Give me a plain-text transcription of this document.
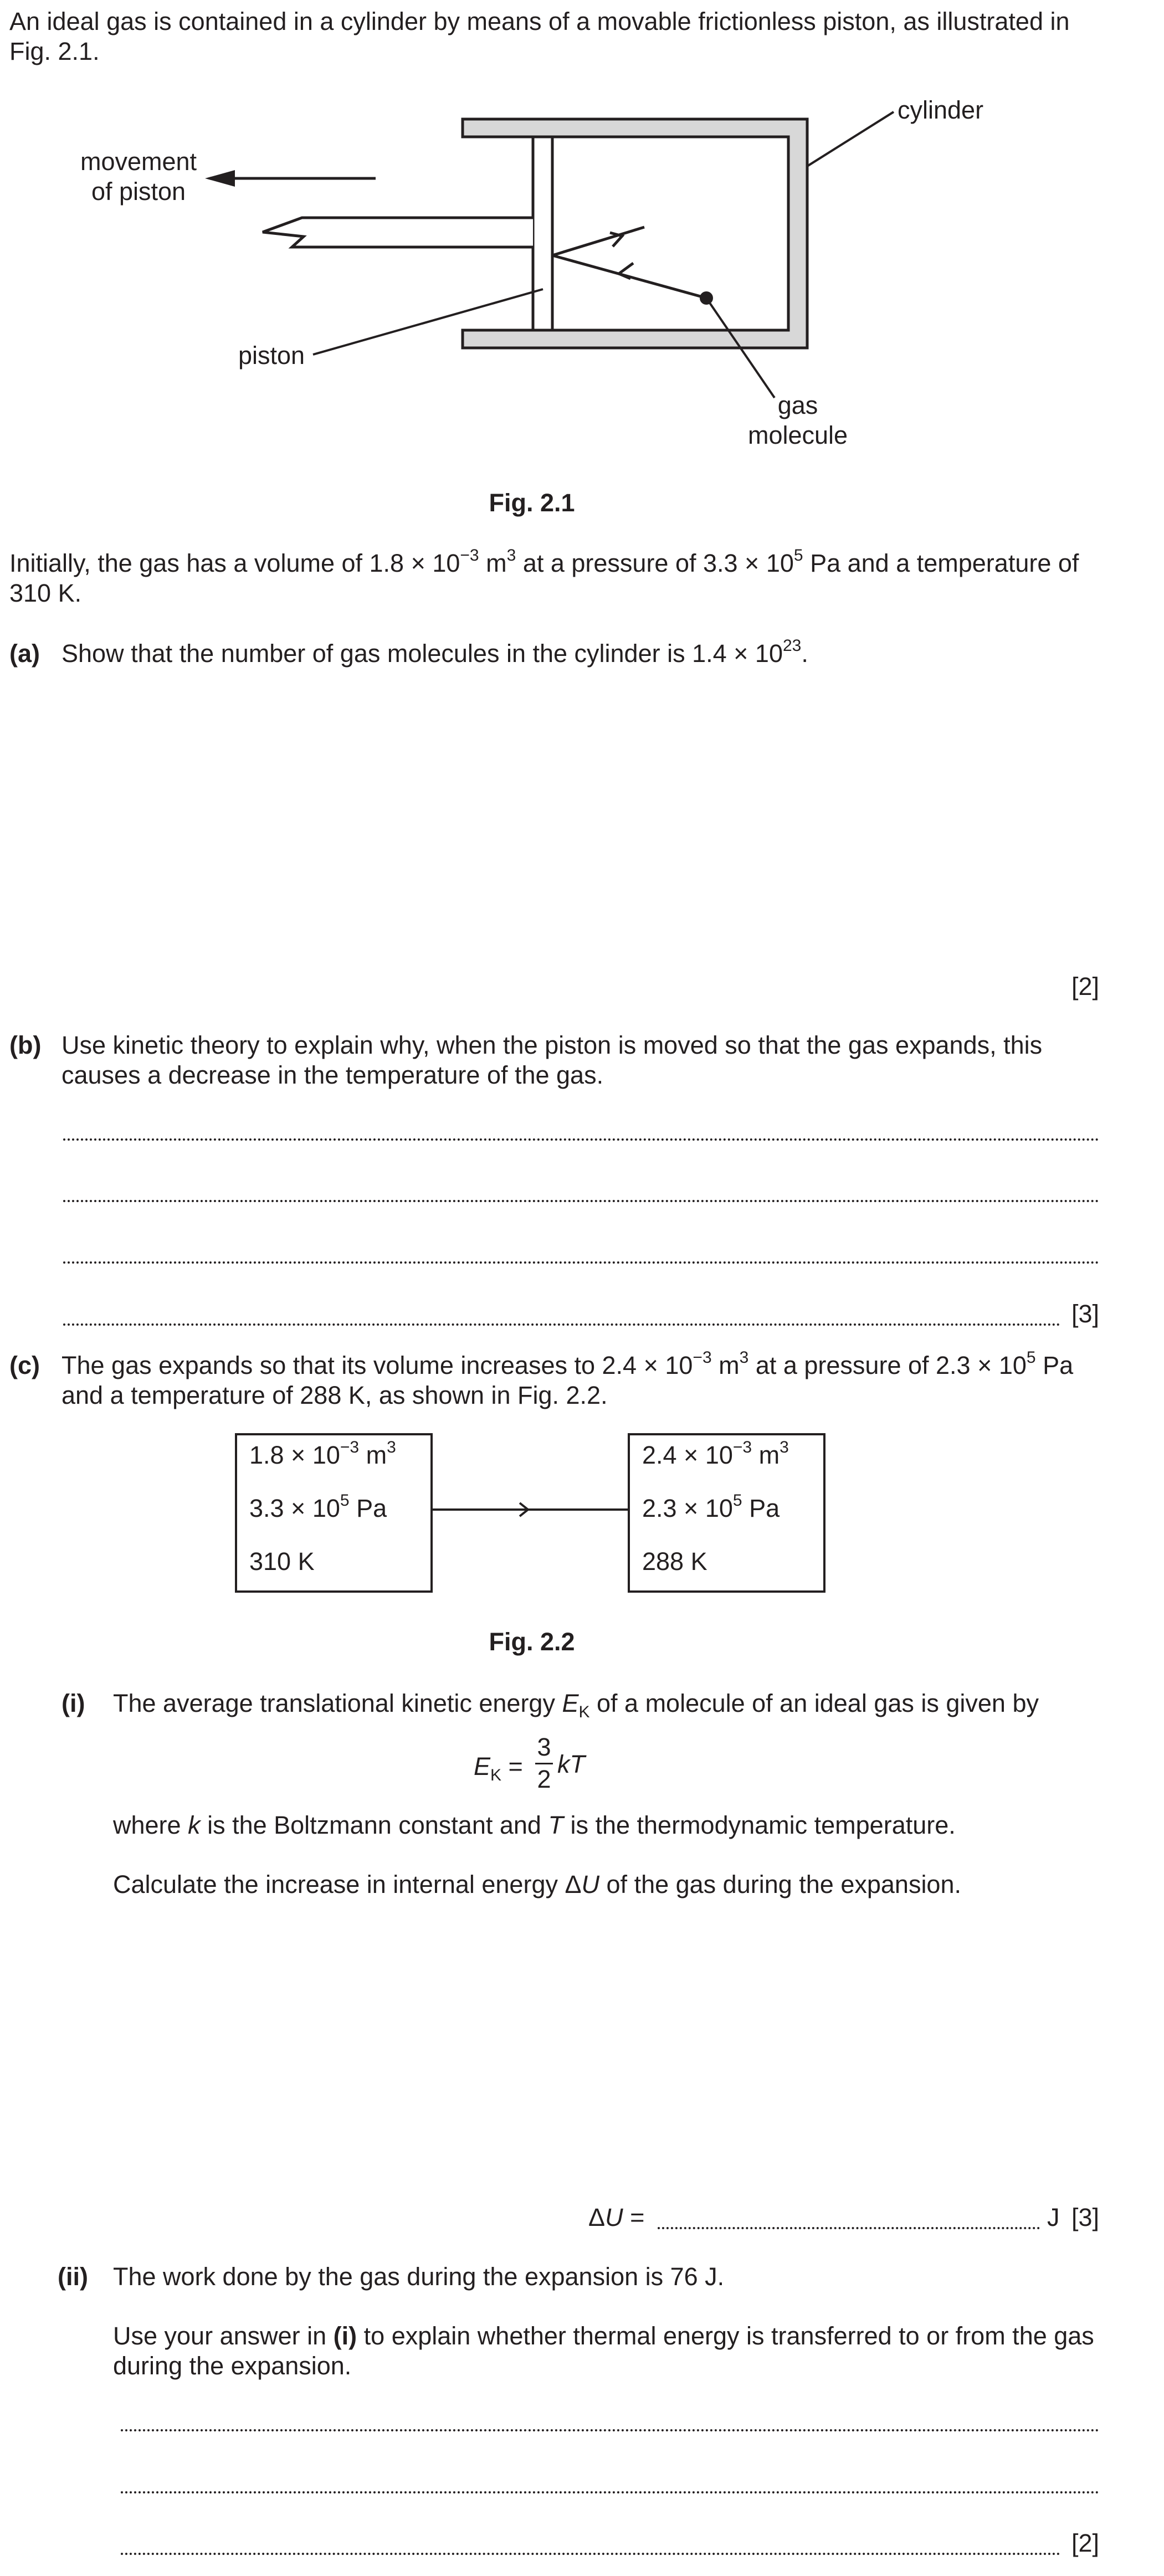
An ideal gas is contained in a cylinder by means of a movable frictionless piston, as illustrated in
Fig. 2.1.
movement
of piston
cylinder
piston
gas
molecule
Fig. 2.1
Initially, the gas has a volume of $1.8 \times 10^{-3}$ $m^3$ at a pressure of $3.3 \times 10^5$ Pa and a temperature of
310 K.
(a) Show that the number of gas molecules in the cylinder is $1.4 \times 10^{23}$.
[2]
(b) Use kinetic theory to explain why, when the piston is moved so that the gas expands, this
causes a decrease in the temperature of the gas.
[3]
(c) The gas expands so that its volume increases to $2.4 \times 10^{-3}$ $m^3$ at a pressure of $2.3 \times 10^5$ Pa
and a temperature of 288 K, as shown in Fig. 2.2.
$1.8 \times 10^{-3}$ $m^3$
$3.3 \times 10^5$ Pa
310 K
$2.4 \times 10^{-3}$ $m^3$
$2.3 \times 10^5$ Pa
288 K
Fig. 2.2
(i) The average translational kinetic energy $E_K$ of a molecule of an ideal gas is given by
$E_K$ =
3
2
kT
where k is the Boltzmann constant and T is the thermodynamic temperature.
Calculate the increase in internal energy ΔU of the gas during the expansion.
ΔU =	J [3]
(ii) The work done by the gas during the expansion is 76 J.
Use your answer in (i) to explain whether thermal energy is transferred to or from the gas
during the expansion.
[2]
